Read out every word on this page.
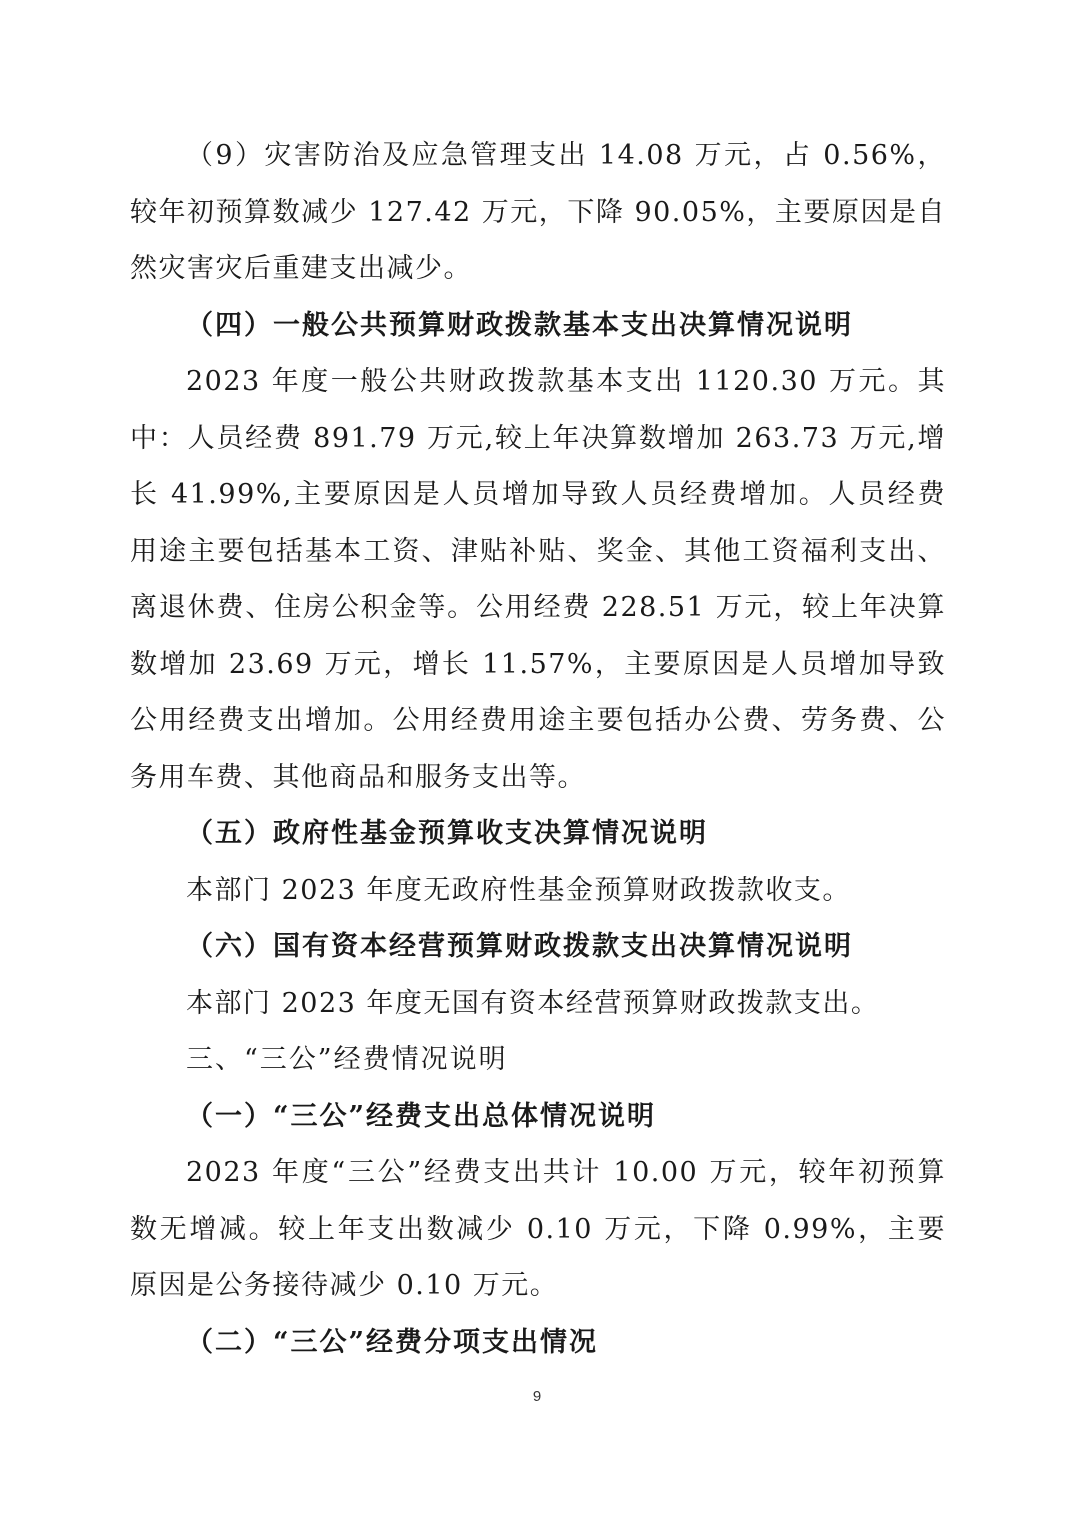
（9）灾害防治及应急管理支出 14.08 万元，占 0.56%，较年初预算数减少 127.42 万元，下降 90.05%，主要原因是自然灾害灾后重建支出减少。

（四）一般公共预算财政拨款基本支出决算情况说明

2023 年度一般公共财政拨款基本支出 1120.30 万元。其中：人员经费 891.79 万元,较上年决算数增加 263.73 万元,增长 41.99%,主要原因是人员增加导致人员经费增加。人员经费用途主要包括基本工资、津贴补贴、奖金、其他工资福利支出、离退休费、住房公积金等。公用经费 228.51 万元，较上年决算数增加 23.69 万元，增长 11.57%，主要原因是人员增加导致公用经费支出增加。公用经费用途主要包括办公费、劳务费、公务用车费、其他商品和服务支出等。

（五）政府性基金预算收支决算情况说明

本部门 2023 年度无政府性基金预算财政拨款收支。

（六）国有资本经营预算财政拨款支出决算情况说明

本部门 2023 年度无国有资本经营预算财政拨款支出。

三、“三公”经费情况说明

（一）“三公”经费支出总体情况说明

2023 年度“三公”经费支出共计 10.00 万元，较年初预算数无增减。较上年支出数减少 0.10 万元，下降 0.99%，主要原因是公务接待减少 0.10 万元。

（二）“三公”经费分项支出情况

9
